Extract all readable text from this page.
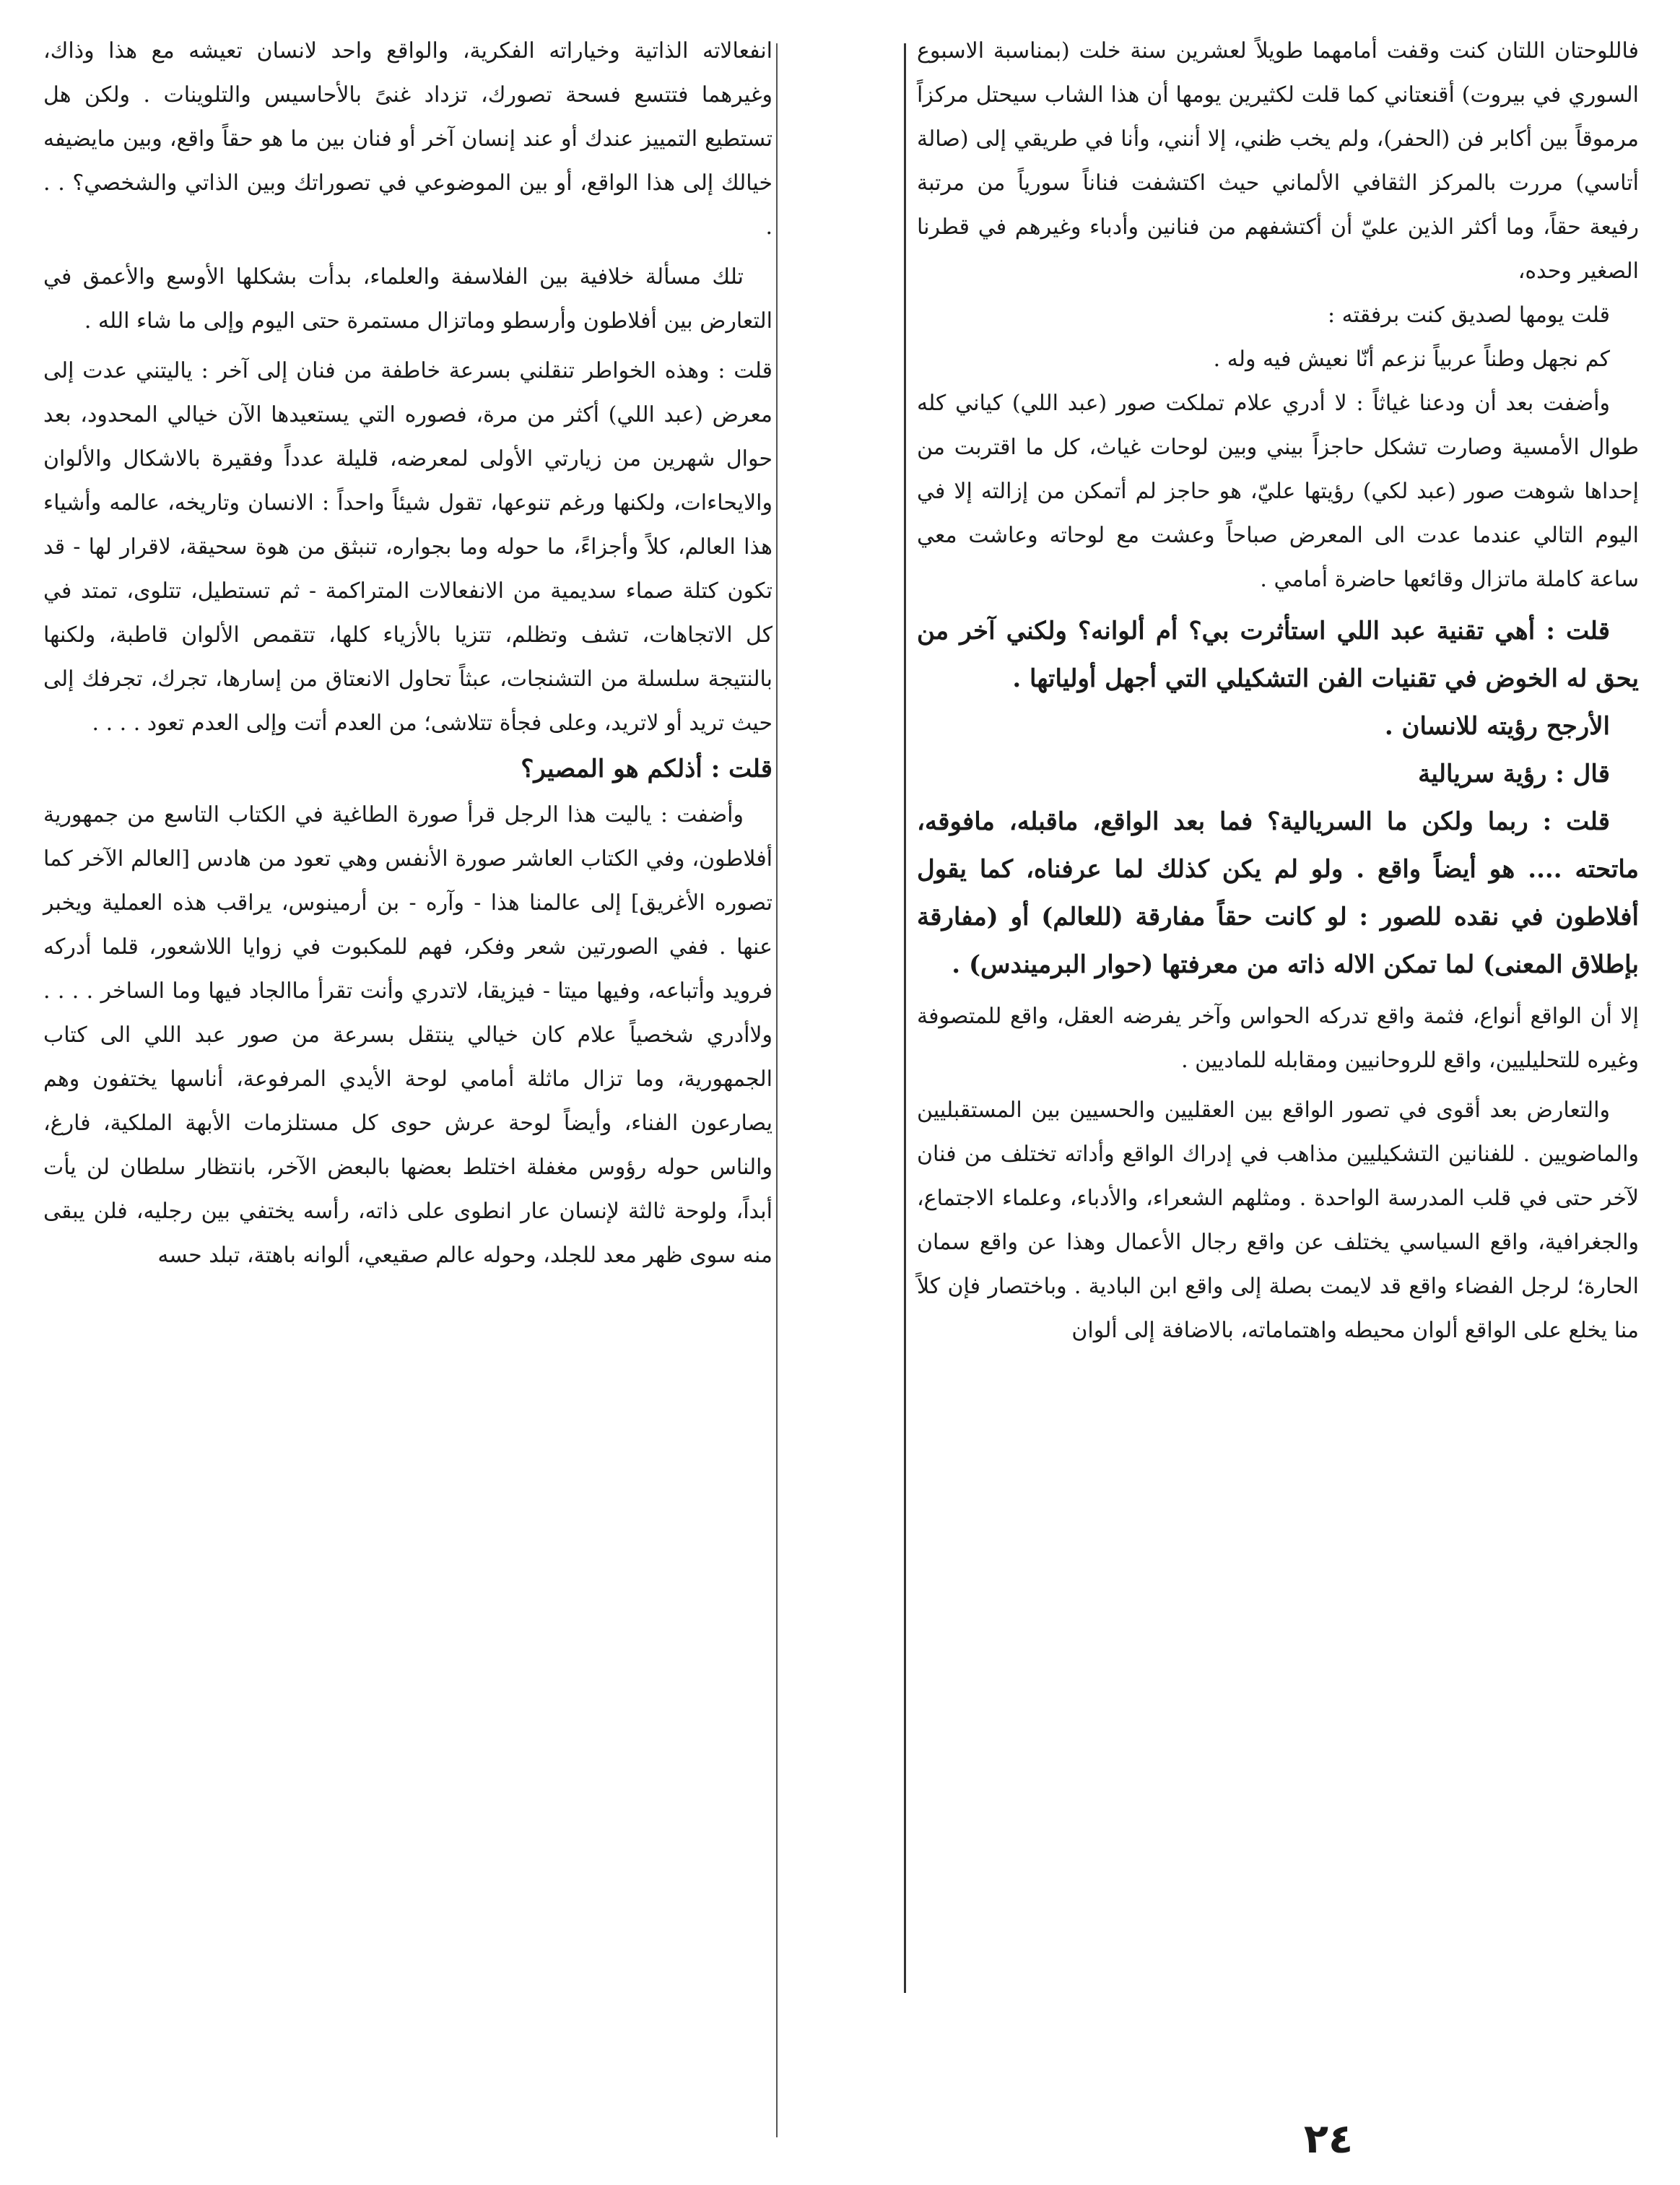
فاللوحتان اللتان كنت وقفت أمامهما طويلاً لعشرين سنة خلت (بمناسبة الاسبوع السوري في بيروت) أقنعتاني كما قلت لكثيرين يومها أن هذا الشاب سيحتل مركزاً مرموقاً بين أكابر فن (الحفر)، ولم يخب ظني، إلا أنني، وأنا في طريقي إلى (صالة أتاسي) مررت بالمركز الثقافي الألماني حيث اكتشفت فناناً سورياً من مرتبة رفيعة حقاً، وما أكثر الذين عليّ أن أكتشفهم من فنانين وأدباء وغيرهم في قطرنا الصغير وحده،

قلت يومها لصديق كنت برفقته :

كم نجهل وطناً عربياً نزعم أنّا نعيش فيه وله .

وأضفت بعد أن ودعنا غياثاً : لا أدري علام تملكت صور (عبد اللي) كياني كله طوال الأمسية وصارت تشكل حاجزاً بيني وبين لوحات غياث، كل ما اقتربت من إحداها شوهت صور (عبد لكي) رؤيتها عليّ، هو حاجز لم أتمكن من إزالته إلا في اليوم التالي عندما عدت الى المعرض صباحاً وعشت مع لوحاته وعاشت معي ساعة كاملة ماتزال وقائعها حاضرة أمامي .

قلت : أهي تقنية عبد اللي استأثرت بي؟ أم ألوانه؟ ولكني آخر من يحق له الخوض في تقنيات الفن التشكيلي التي أجهل أولياتها .

الأرجح رؤيته للانسان .

قال : رؤية سريالية

قلت : ربما ولكن ما السريالية؟ فما بعد الواقع، ماقبله، مافوقه، ماتحته .... هو أيضاً واقع . ولو لم يكن كذلك لما عرفناه، كما يقول أفلاطون في نقده للصور : لو كانت حقاً مفارقة (للعالم) أو (مفارقة بإطلاق المعنى) لما تمكن الاله ذاته من معرفتها (حوار البرميندس) .

إلا أن الواقع أنواع، فثمة واقع تدركه الحواس وآخر يفرضه العقل، واقع للمتصوفة وغيره للتحليليين، واقع للروحانيين ومقابله للماديين .

والتعارض بعد أقوى في تصور الواقع بين العقليين والحسيين بين المستقبليين والماضويين . للفنانين التشكيليين مذاهب في إدراك الواقع وأداته تختلف من فنان لآخر حتى في قلب المدرسة الواحدة . ومثلهم الشعراء، والأدباء، وعلماء الاجتماع، والجغرافية، واقع السياسي يختلف عن واقع رجال الأعمال وهذا عن واقع سمان الحارة؛ لرجل الفضاء واقع قد لايمت بصلة إلى واقع ابن البادية . وباختصار فإن كلاً منا يخلع على الواقع ألوان محيطه واهتماماته، بالاضافة إلى ألوان

انفعالاته الذاتية وخياراته الفكرية، والواقع واحد لانسان تعيشه مع هذا وذاك، وغيرهما فتتسع فسحة تصورك، تزداد غنىً بالأحاسيس والتلوينات . ولكن هل تستطيع التمييز عندك أو عند إنسان آخر أو فنان بين ما هو حقاً واقع، وبين مايضيفه خيالك إلى هذا الواقع، أو بين الموضوعي في تصوراتك وبين الذاتي والشخصي؟ . . .

تلك مسألة خلافية بين الفلاسفة والعلماء، بدأت بشكلها الأوسع والأعمق في التعارض بين أفلاطون وأرسطو وماتزال مستمرة حتى اليوم وإلى ما شاء الله .

قلت : وهذه الخواطر تنقلني بسرعة خاطفة من فنان إلى آخر : ياليتني عدت إلى معرض (عبد اللي) أكثر من مرة، فصوره التي يستعيدها الآن خيالي المحدود، بعد حوال شهرين من زيارتي الأولى لمعرضه، قليلة عدداً وفقيرة بالاشكال والألوان والايحاءات، ولكنها ورغم تنوعها، تقول شيئاً واحداً : الانسان وتاريخه، عالمه وأشياء هذا العالم، كلاً وأجزاءً، ما حوله وما بجواره، تنبثق من هوة سحيقة، لاقرار لها - قد تكون كتلة صماء سديمية من الانفعالات المتراكمة - ثم تستطيل، تتلوى، تمتد في كل الاتجاهات، تشف وتظلم، تتزيا بالأزياء كلها، تتقمص الألوان قاطبة، ولكنها بالنتيجة سلسلة من التشنجات، عبثاً تحاول الانعتاق من إسارها، تجرك، تجرفك إلى حيث تريد أو لاتريد، وعلى فجأة تتلاشى؛ من العدم أتت وإلى العدم تعود . . . .

قلت : أذلكم هو المصير؟

وأضفت : ياليت هذا الرجل قرأ صورة الطاغية في الكتاب التاسع من جمهورية أفلاطون، وفي الكتاب العاشر صورة الأنفس وهي تعود من هادس [العالم الآخر كما تصوره الأغريق] إلى عالمنا هذا - وآره - بن أرمينوس، يراقب هذه العملية ويخبر عنها . ففي الصورتين شعر وفكر، فهم للمكبوت في زوايا اللاشعور، قلما أدركه فرويد وأتباعه، وفيها ميتا - فيزيقا، لاتدري وأنت تقرأ ماالجاد فيها وما الساخر . . . . ولاأدري شخصياً علام كان خيالي ينتقل بسرعة من صور عبد اللي الى كتاب الجمهورية، وما تزال ماثلة أمامي لوحة الأيدي المرفوعة، أناسها يختفون وهم يصارعون الفناء، وأيضاً لوحة عرش حوى كل مستلزمات الأبهة الملكية، فارغ، والناس حوله رؤوس مغفلة اختلط بعضها بالبعض الآخر، بانتظار سلطان لن يأت أبداً، ولوحة ثالثة لإنسان عار انطوى على ذاته، رأسه يختفي بين رجليه، فلن يبقى منه سوى ظهر معد للجلد، وحوله عالم صقيعي، ألوانه باهتة، تبلد حسه

٢٤
